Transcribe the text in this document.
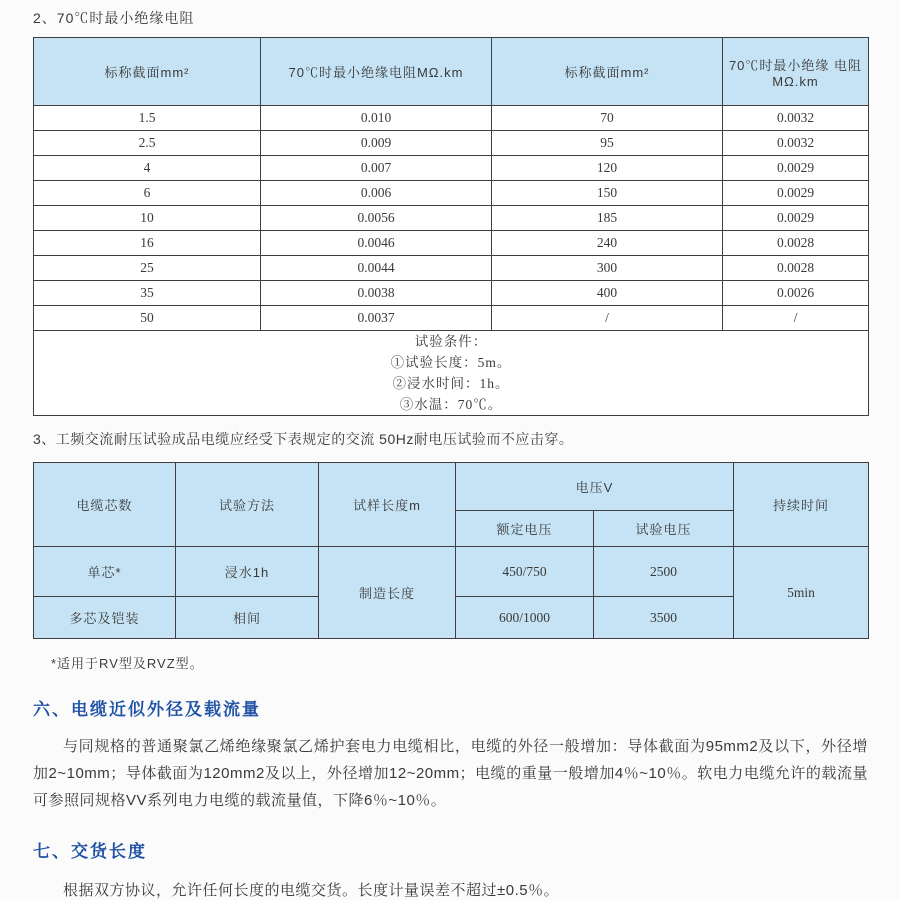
2、70℃时最小绝缘电阻
标称截面mm²	70℃时最小绝缘电阻MΩ.km	标称截面mm²	70℃时最小绝缘 电阻MΩ.km
1.5	0.010	70	0.0032
2.5	0.009	95	0.0032
4	0.007	120	0.0029
6	0.006	150	0.0029
10	0.0056	185	0.0029
16	0.0046	240	0.0028
25	0.0044	300	0.0028
35	0.0038	400	0.0026
50	0.0037	/	/

试验条件：
①试验长度：5m。
②浸水时间：1h。
③水温：70℃。			

3、工频交流耐压试验成品电缆应经受下表规定的交流 50Hz耐电压试验而不应击穿。

电缆芯数	试验方法	试样长度m	电压V		持续时间
			额定电压	试验电压	
单芯*	浸水1h	制造长度	450/750	2500	5min
多芯及铠装	相间		600/1000	3500	

*适用于RV型及RVZ型。

六、电缆近似外径及载流量

与同规格的普通聚氯乙烯绝缘聚氯乙烯护套电力电缆相比，电缆的外径一般增加：导体截面为95mm2及以下，外径增加2~10mm；导体截面为120mm2及以上，外径增加12~20mm；电缆的重量一般增加4％~10％。软电力电缆允许的载流量可参照同规格VV系列电力电缆的载流量值，下降6％~10％。

七、交货长度

根据双方协议，允许任何长度的电缆交货。长度计量误差不超过±0.5％。
